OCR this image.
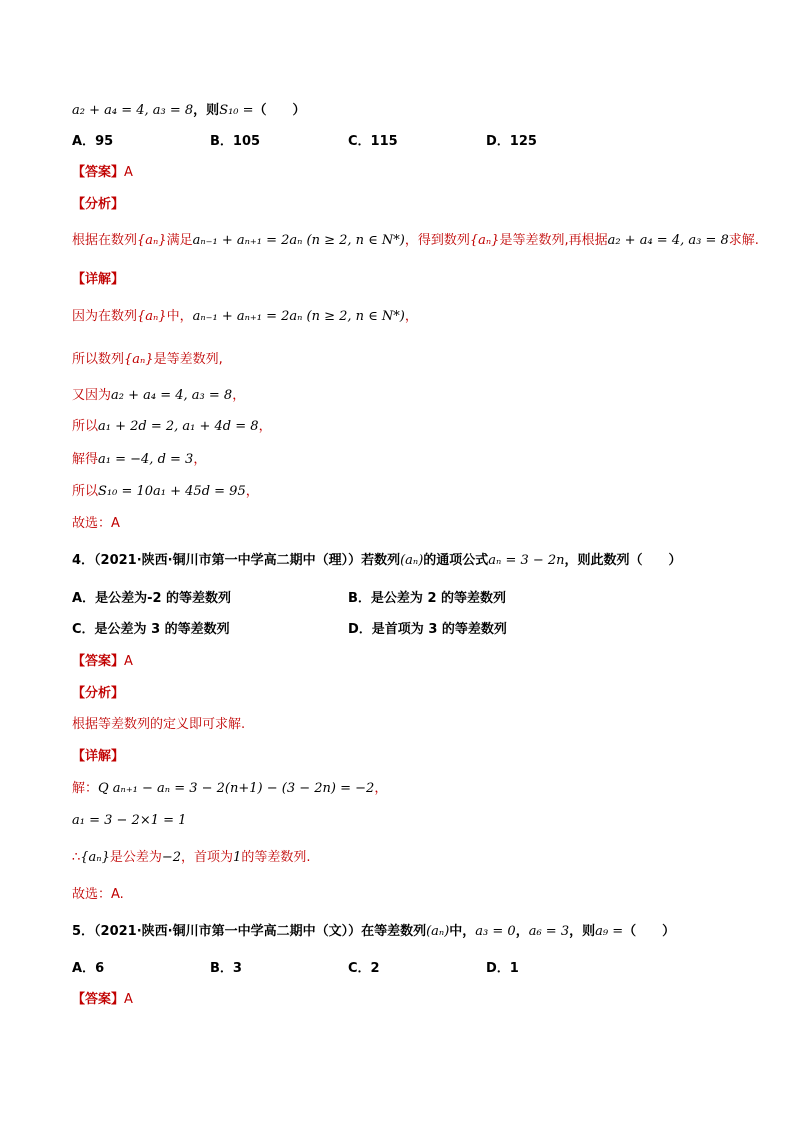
a₂ + a₄ = 4, a₃ = 8，则S₁₀ =（　　）
A．95	B．105	C．115	D．125
【答案】A
【分析】
根据在数列{aₙ}满足aₙ₋₁ + aₙ₊₁ = 2aₙ (n ≥ 2, n ∈ N*)，得到数列{aₙ}是等差数列,再根据a₂ + a₄ = 4, a₃ = 8求解.
【详解】
因为在数列{aₙ}中，aₙ₋₁ + aₙ₊₁ = 2aₙ (n ≥ 2, n ∈ N*)，
所以数列{aₙ}是等差数列,
又因为a₂ + a₄ = 4, a₃ = 8，
所以a₁ + 2d = 2, a₁ + 4d = 8，
解得a₁ = −4, d = 3，
所以S₁₀ = 10a₁ + 45d = 95，
故选：A
4．（2021·陕西·铜川市第一中学高二期中（理））若数列(aₙ)的通项公式aₙ = 3 − 2n，则此数列（　　）
A．是公差为-2 的等差数列	B．是公差为 2 的等差数列
C．是公差为 3 的等差数列	D．是首项为 3 的等差数列
【答案】A
【分析】
根据等差数列的定义即可求解.
【详解】
解：Q aₙ₊₁ − aₙ = 3 − 2(n+1) − (3 − 2n) = −2，
a₁ = 3 − 2×1 = 1
∴{aₙ}是公差为−2，首项为1的等差数列.
故选：A.
5．（2021·陕西·铜川市第一中学高二期中（文））在等差数列(aₙ)中，a₃ = 0，a₆ = 3，则a₉ =（　　）
A．6	B．3	C．2	D．1
【答案】A
